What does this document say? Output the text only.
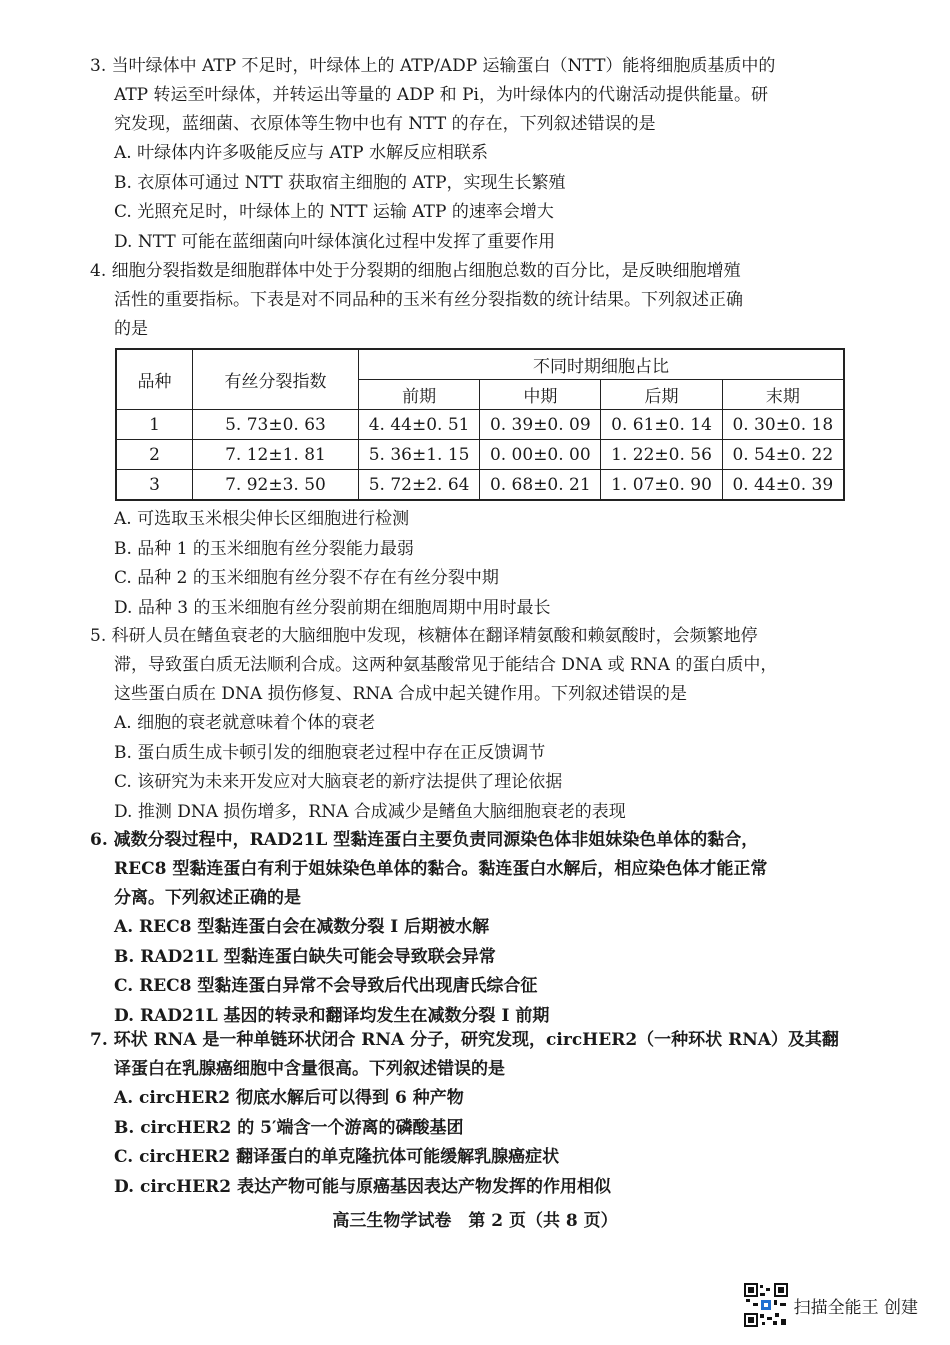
3. 当叶绿体中 ATP 不足时，叶绿体上的 ATP/ADP 运输蛋白（NTT）能将细胞质基质中的
ATP 转运至叶绿体，并转运出等量的 ADP 和 Pi，为叶绿体内的代谢活动提供能量。研
究发现，蓝细菌、衣原体等生物中也有 NTT 的存在，下列叙述错误的是
A. 叶绿体内许多吸能反应与 ATP 水解反应相联系
B. 衣原体可通过 NTT 获取宿主细胞的 ATP，实现生长繁殖
C. 光照充足时，叶绿体上的 NTT 运输 ATP 的速率会增大
D. NTT 可能在蓝细菌向叶绿体演化过程中发挥了重要作用
4. 细胞分裂指数是细胞群体中处于分裂期的细胞占细胞总数的百分比，是反映细胞增殖
活性的重要指标。下表是对不同品种的玉米有丝分裂指数的统计结果。下列叙述正确
的是
品种	有丝分裂指数	不同时期细胞占比			
		前期	中期	后期	末期
1	5. 73±0. 63	4. 44±0. 51	0. 39±0. 09	0. 61±0. 14	0. 30±0. 18
2	7. 12±1. 81	5. 36±1. 15	0. 00±0. 00	1. 22±0. 56	0. 54±0. 22
3	7. 92±3. 50	5. 72±2. 64	0. 68±0. 21	1. 07±0. 90	0. 44±0. 39
A. 可选取玉米根尖伸长区细胞进行检测
B. 品种 1 的玉米细胞有丝分裂能力最弱
C. 品种 2 的玉米细胞有丝分裂不存在有丝分裂中期
D. 品种 3 的玉米细胞有丝分裂前期在细胞周期中用时最长
5. 科研人员在鳍鱼衰老的大脑细胞中发现，核糖体在翻译精氨酸和赖氨酸时，会频繁地停
滞，导致蛋白质无法顺利合成。这两种氨基酸常见于能结合 DNA 或 RNA 的蛋白质中，
这些蛋白质在 DNA 损伤修复、RNA 合成中起关键作用。下列叙述错误的是
A. 细胞的衰老就意味着个体的衰老
B. 蛋白质生成卡顿引发的细胞衰老过程中存在正反馈调节
C. 该研究为未来开发应对大脑衰老的新疗法提供了理论依据
D. 推测 DNA 损伤增多，RNA 合成减少是鳍鱼大脑细胞衰老的表现
6. 减数分裂过程中，RAD21L 型黏连蛋白主要负责同源染色体非姐妹染色单体的黏合，
REC8 型黏连蛋白有利于姐妹染色单体的黏合。黏连蛋白水解后，相应染色体才能正常
分离。下列叙述正确的是
A. REC8 型黏连蛋白会在减数分裂 I 后期被水解
B. RAD21L 型黏连蛋白缺失可能会导致联会异常
C. REC8 型黏连蛋白异常不会导致后代出现唐氏综合征
D. RAD21L 基因的转录和翻译均发生在减数分裂 I 前期
7. 环状 RNA 是一种单链环状闭合 RNA 分子，研究发现，circHER2（一种环状 RNA）及其翻
译蛋白在乳腺癌细胞中含量很高。下列叙述错误的是
A. circHER2 彻底水解后可以得到 6 种产物
B. circHER2 的 5′端含一个游离的磷酸基团
C. circHER2 翻译蛋白的单克隆抗体可能缓解乳腺癌症状
D. circHER2 表达产物可能与原癌基因表达产物发挥的作用相似
高三生物学试卷　第 2 页（共 8 页）
扫描全能王 创建
